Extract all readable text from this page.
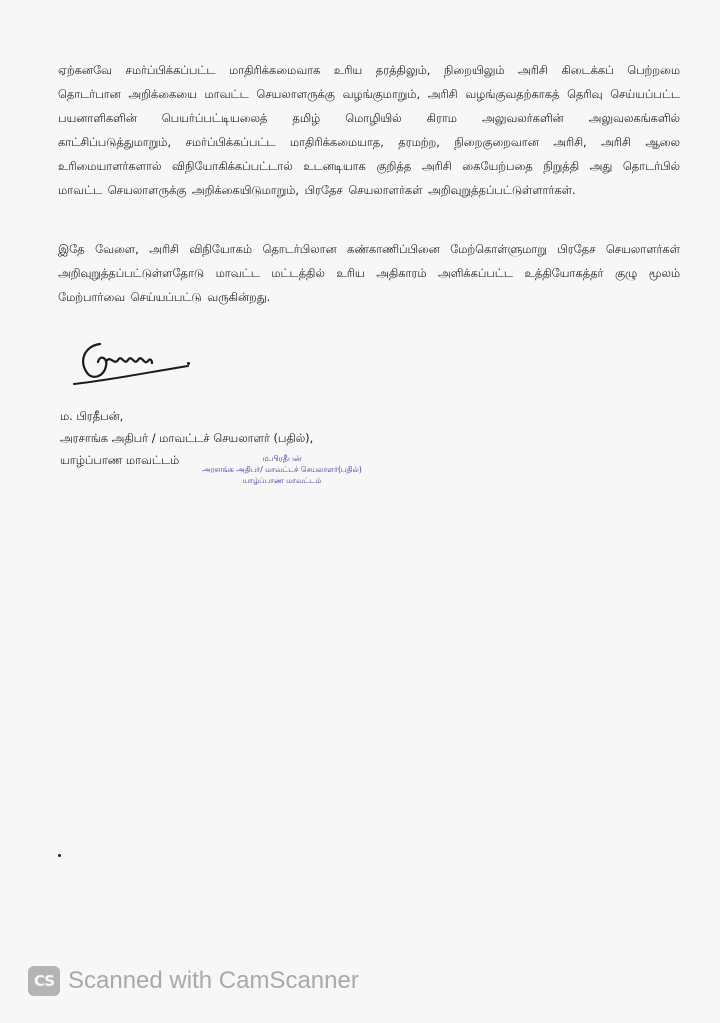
ஏற்கனவே சமர்ப்பிக்கப்பட்ட மாதிரிக்கமைவாக உரிய தரத்திலும், நிறையிலும் அரிசி கிடைக்கப் பெற்றமை தொடர்பான அறிக்கையை மாவட்ட செயலாளருக்கு வழங்குமாறும், அரிசி வழங்குவதற்காகத் தெரிவு செய்யப்பட்ட பயனாளிகளின் பெயர்ப்பட்டியலைத் தமிழ் மொழியில் கிராம அலுவலர்களின் அலுவலகங்களில் காட்சிப்படுத்துமாறும், சமர்ப்பிக்கப்பட்ட மாதிரிக்கமையாத, தரமற்ற, நிறைகுறைவான அரிசி, அரிசி ஆலை உரிமையாளர்களால் விநியோகிக்கப்பட்டால் உடனடியாக குறித்த அரிசி கையேற்பதை நிறுத்தி அது தொடர்பில் மாவட்ட செயலாளருக்கு அறிக்கையிடுமாறும், பிரதேச செயலாளர்கள் அறிவுறுத்தப்பட்டுள்ளார்கள்.

இதே வேளை, அரிசி விநியோகம் தொடர்பிலான கண்காணிப்பினை மேற்கொள்ளுமாறு பிரதேச செயலாளர்கள் அறிவுறுத்தப்பட்டுள்ளதோடு மாவட்ட மட்டத்தில் உரிய அதிகாரம் அளிக்கப்பட்ட உத்தியோகத்தர் குழு மூலம் மேற்பார்வை செய்யப்பட்டு வருகின்றது.

ம. பிரதீபன்,
அரசாங்க அதிபர் / மாவட்டச் செயலாளர் (பதில்),
யாழ்ப்பாண மாவட்டம்	ம.பிரதீபன்
அரசாங்க அதிபர்/ மாவட்டச் செயலாளர்(பதில்)
யாழ்ப்பாண மாவட்டம்
CS Scanned with CamScanner
